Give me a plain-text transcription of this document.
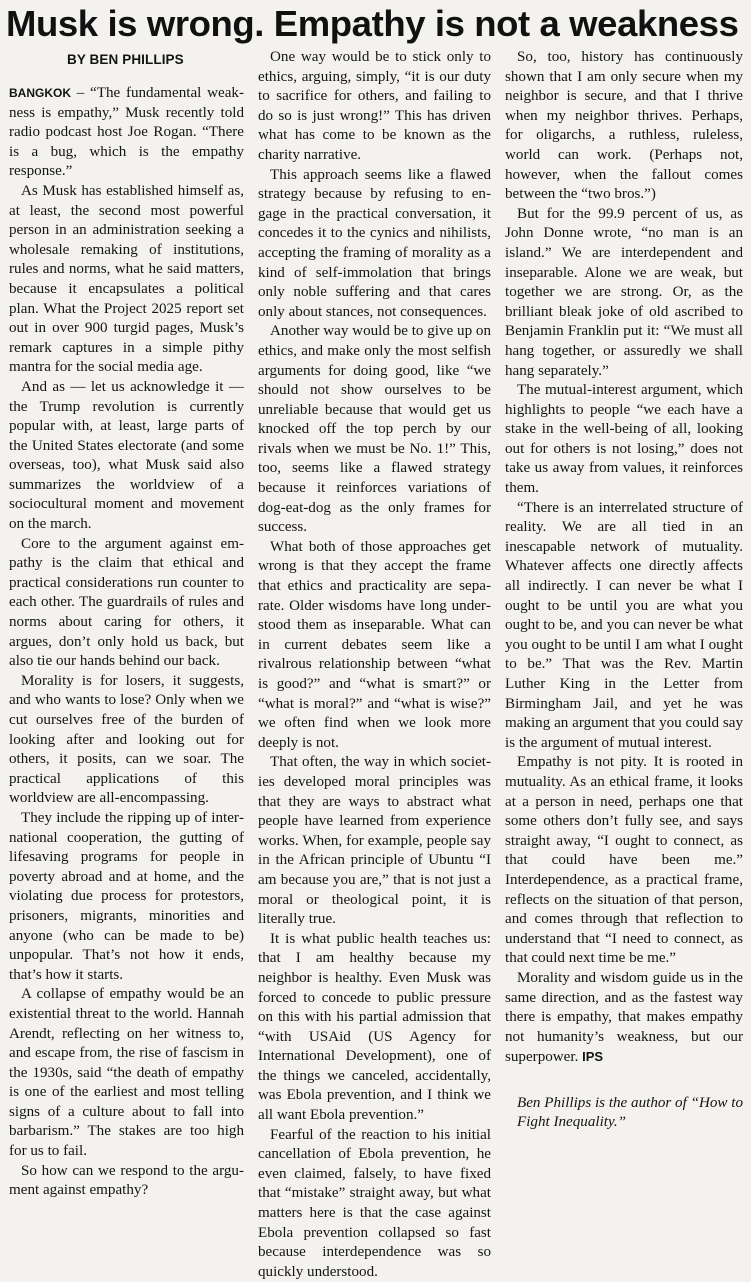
Musk is wrong. Empathy is not a weakness
BY BEN PHILLIPS

BANGKOK – “The fundamental weakness is empathy,” Musk recently told radio podcast host Joe Rogan. “There is a bug, which is the empathy response.”

As Musk has established himself as, at least, the second most powerful person in an administration seeking a wholesale remaking of institutions, rules and norms, what he said matters, because it encapsulates a political plan. What the Project 2025 report set out in over 900 turgid pages, Musk’s remark captures in a simple pithy mantra for the social media age.

And as — let us acknowledge it — the Trump revolution is currently popular with, at least, large parts of the United States electorate (and some overseas, too), what Musk said also summarizes the worldview of a sociocultural moment and movement on the march.

Core to the argument against empathy is the claim that ethical and practical considerations run counter to each other. The guardrails of rules and norms about caring for others, it argues, don’t only hold us back, but also tie our hands behind our back.

Morality is for losers, it suggests, and who wants to lose? Only when we cut ourselves free of the burden of looking after and looking out for others, it posits, can we soar. The practical applications of this worldview are all-encompassing.

They include the ripping up of international cooperation, the gutting of lifesaving programs for people in poverty abroad and at home, and the violating due process for protestors, prisoners, migrants, minorities and anyone (who can be made to be) unpopular. That’s not how it ends, that’s how it starts.

A collapse of empathy would be an existential threat to the world. Hannah Arendt, reflecting on her witness to, and escape from, the rise of fascism in the 1930s, said “the death of empathy is one of the earliest and most telling signs of a culture about to fall into barbarism.” The stakes are too high for us to fail.

So how can we respond to the argument against empathy?

One way would be to stick only to ethics, arguing, simply, “it is our duty to sacrifice for others, and failing to do so is just wrong!” This has driven what has come to be known as the charity narrative.

This approach seems like a flawed strategy because by refusing to engage in the practical conversation, it concedes it to the cynics and nihilists, accepting the framing of morality as a kind of self-immolation that brings only noble suffering and that cares only about stances, not consequences.

Another way would be to give up on ethics, and make only the most selfish arguments for doing good, like “we should not show ourselves to be unreliable because that would get us knocked off the top perch by our rivals when we must be No. 1!” This, too, seems like a flawed strategy because it reinforces variations of dog-eat-dog as the only frames for success.

What both of those approaches get wrong is that they accept the frame that ethics and practicality are separate. Older wisdoms have long understood them as inseparable. What can in current debates seem like a rivalrous relationship between “what is good?” and “what is smart?” or “what is moral?” and “what is wise?” we often find when we look more deeply is not.

That often, the way in which societies developed moral principles was that they are ways to abstract what people have learned from experience works. When, for example, people say in the African principle of Ubuntu “I am because you are,” that is not just a moral or theological point, it is literally true.

It is what public health teaches us: that I am healthy because my neighbor is healthy. Even Musk was forced to concede to public pressure on this with his partial admission that “with USAid (US Agency for International Development), one of the things we canceled, accidentally, was Ebola prevention, and I think we all want Ebola prevention.”

Fearful of the reaction to his initial cancellation of Ebola prevention, he even claimed, falsely, to have fixed that “mistake” straight away, but what matters here is that the case against Ebola prevention collapsed so fast because interdependence was so quickly understood.

So, too, history has continuously shown that I am only secure when my neighbor is secure, and that I thrive when my neighbor thrives. Perhaps, for oligarchs, a ruthless, ruleless, world can work. (Perhaps not, however, when the fallout comes between the “two bros.”)

But for the 99.9 percent of us, as John Donne wrote, “no man is an island.” We are interdependent and inseparable. Alone we are weak, but together we are strong. Or, as the brilliant bleak joke of old ascribed to Benjamin Franklin put it: “We must all hang together, or assuredly we shall hang separately.”

The mutual-interest argument, which highlights to people “we each have a stake in the well-being of all, looking out for others is not losing,” does not take us away from values, it reinforces them.

“There is an interrelated structure of reality. We are all tied in an inescapable network of mutuality. Whatever affects one directly affects all indirectly. I can never be what I ought to be until you are what you ought to be, and you can never be what you ought to be until I am what I ought to be.” That was the Rev. Martin Luther King in the Letter from Birmingham Jail, and yet he was making an argument that you could say is the argument of mutual interest.

Empathy is not pity. It is rooted in mutuality. As an ethical frame, it looks at a person in need, perhaps one that some others don’t fully see, and says straight away, “I ought to connect, as that could have been me.” Interdependence, as a practical frame, reflects on the situation of that person, and comes through that reflection to understand that “I need to connect, as that could next time be me.”

Morality and wisdom guide us in the same direction, and as the fastest way there is empathy, that makes empathy not humanity’s weakness, but our superpower. IPS

Ben Phillips is the author of “How to Fight Inequality.”
